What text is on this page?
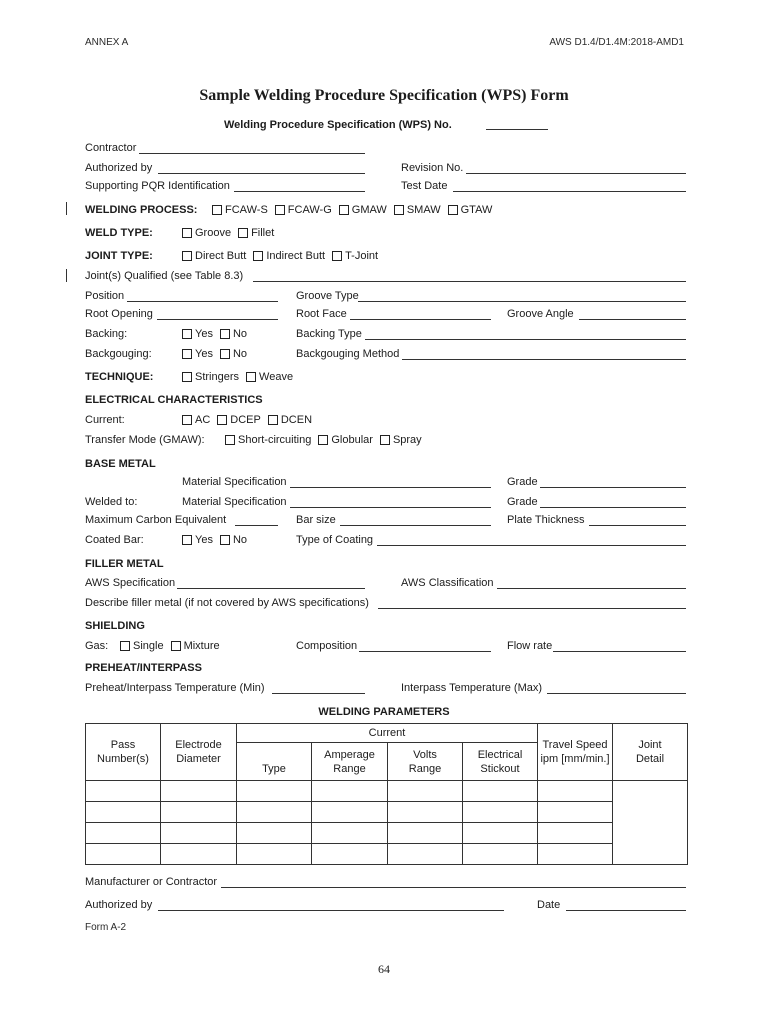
ANNEX A	AWS D1.4/D1.4M:2018-AMD1
Sample Welding Procedure Specification (WPS) Form
Welding Procedure Specification (WPS) No.
Contractor
Authorized by	Revision No.
Supporting PQR Identification	Test Date
WELDING PROCESS:	FCAW-S FCAW-G GMAW SMAW GTAW
WELD TYPE:	Groove Fillet
JOINT TYPE:	Direct Butt Indirect Butt T-Joint
Joint(s) Qualified (see Table 8.3)
Position	Groove Type
Root Opening	Root Face	Groove Angle
Backing:	Yes No	Backing Type
Backgouging:	Yes No	Backgouging Method
TECHNIQUE:	Stringers Weave
ELECTRICAL CHARACTERISTICS
Current:	AC DCEP DCEN
Transfer Mode (GMAW):	Short-circuiting Globular Spray
BASE METAL
Material Specification	Grade
Welded to:	Material Specification	Grade
Maximum Carbon Equivalent	Bar size	Plate Thickness
Coated Bar:	Yes No	Type of Coating
FILLER METAL
AWS Specification	AWS Classification
Describe filler metal (if not covered by AWS specifications)
SHIELDING
Gas:	Single Mixture	Composition	Flow rate
PREHEAT/INTERPASS
Preheat/Interpass Temperature (Min)	Interpass Temperature (Max)
WELDING PARAMETERS
Pass Number(s)	Electrode Diameter	Current				Travel Speed ipm [mm/min.]	Joint Detail
		Type	Amperage Range	Volts Range	Electrical Stickout		

Manufacturer or Contractor
Authorized by	Date
Form A-2
64
